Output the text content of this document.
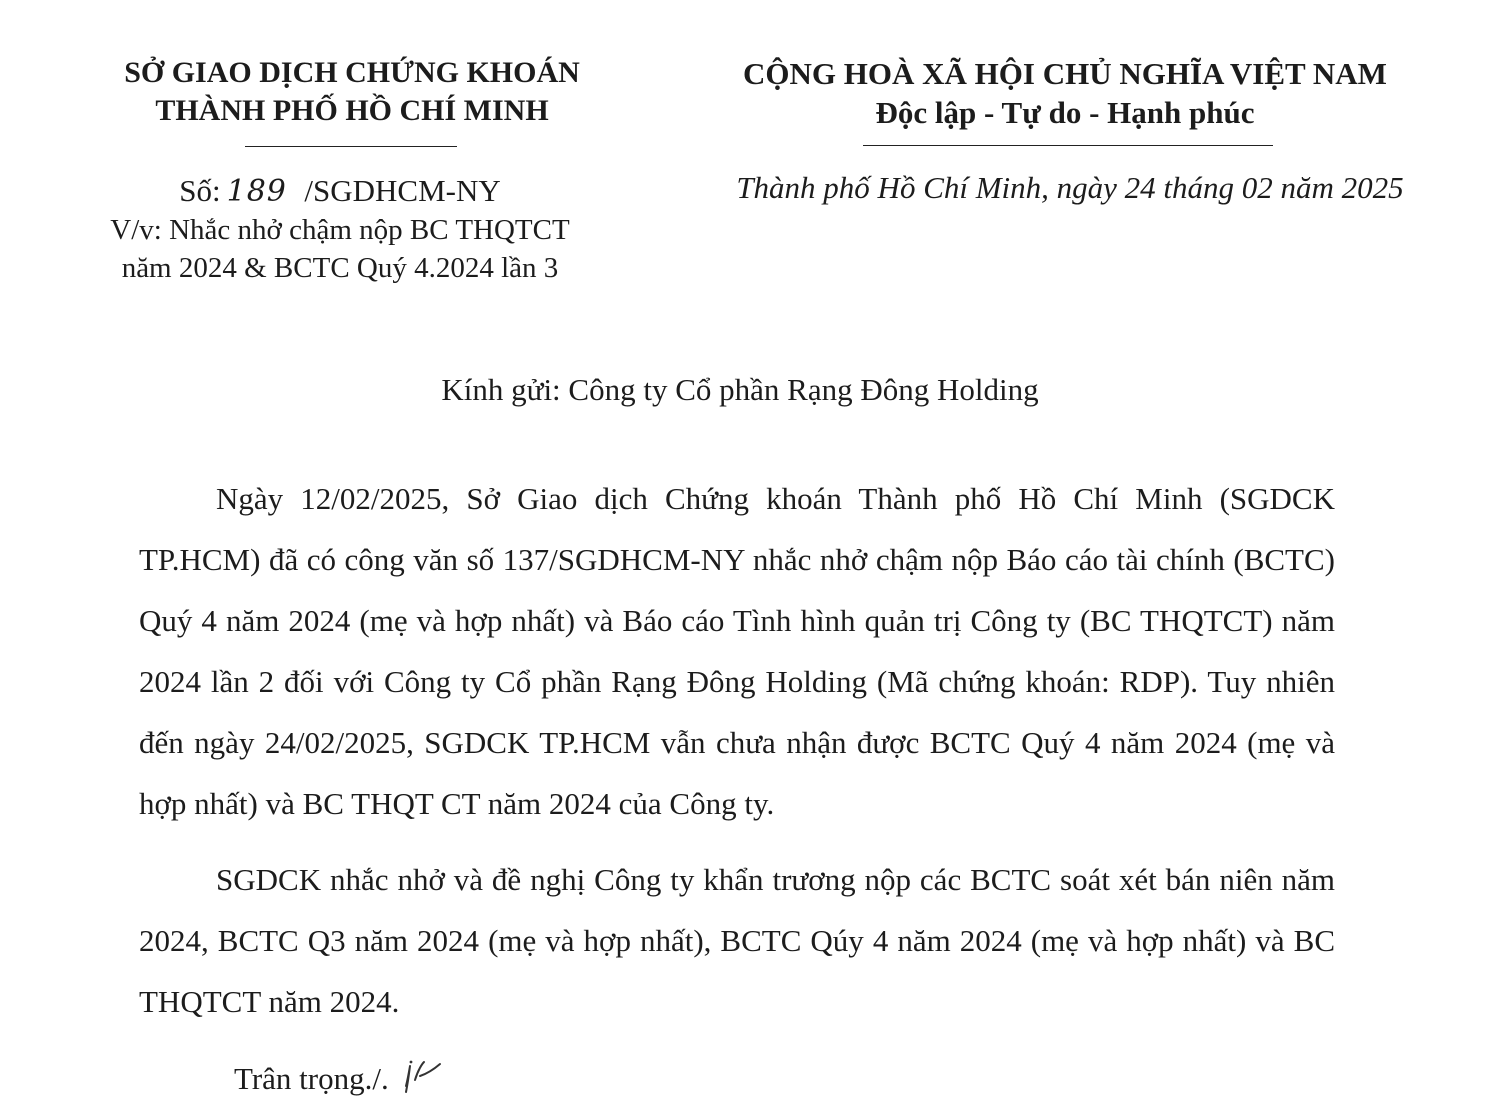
SỞ GIAO DỊCH CHỨNG KHOÁN
THÀNH PHỐ HỒ CHÍ MINH
CỘNG HOÀ XÃ HỘI CHỦ NGHĨA VIỆT NAM
Độc lập - Tự do - Hạnh phúc
Số: 189 /SGDHCM-NY
V/v: Nhắc nhở chậm nộp BC THQTCT
năm 2024 & BCTC Quý 4.2024 lần 3
Thành phố Hồ Chí Minh, ngày 24 tháng 02 năm 2025
Kính gửi: Công ty Cổ phần Rạng Đông Holding
Ngày 12/02/2025, Sở Giao dịch Chứng khoán Thành phố Hồ Chí Minh (SGDCK TP.HCM) đã có công văn số 137/SGDHCM-NY nhắc nhở chậm nộp Báo cáo tài chính (BCTC) Quý 4 năm 2024 (mẹ và hợp nhất) và Báo cáo Tình hình quản trị Công ty (BC THQTCT) năm 2024 lần 2 đối với Công ty Cổ phần Rạng Đông Holding (Mã chứng khoán: RDP). Tuy nhiên đến ngày 24/02/2025, SGDCK TP.HCM vẫn chưa nhận được BCTC Quý 4 năm 2024 (mẹ và hợp nhất) và BC THQT CT năm 2024 của Công ty.
SGDCK nhắc nhở và đề nghị Công ty khẩn trương nộp các BCTC soát xét bán niên năm 2024, BCTC Q3 năm 2024 (mẹ và hợp nhất), BCTC Qúy 4 năm 2024 (mẹ và hợp nhất) và BC THQTCT năm 2024.
Trân trọng./.
